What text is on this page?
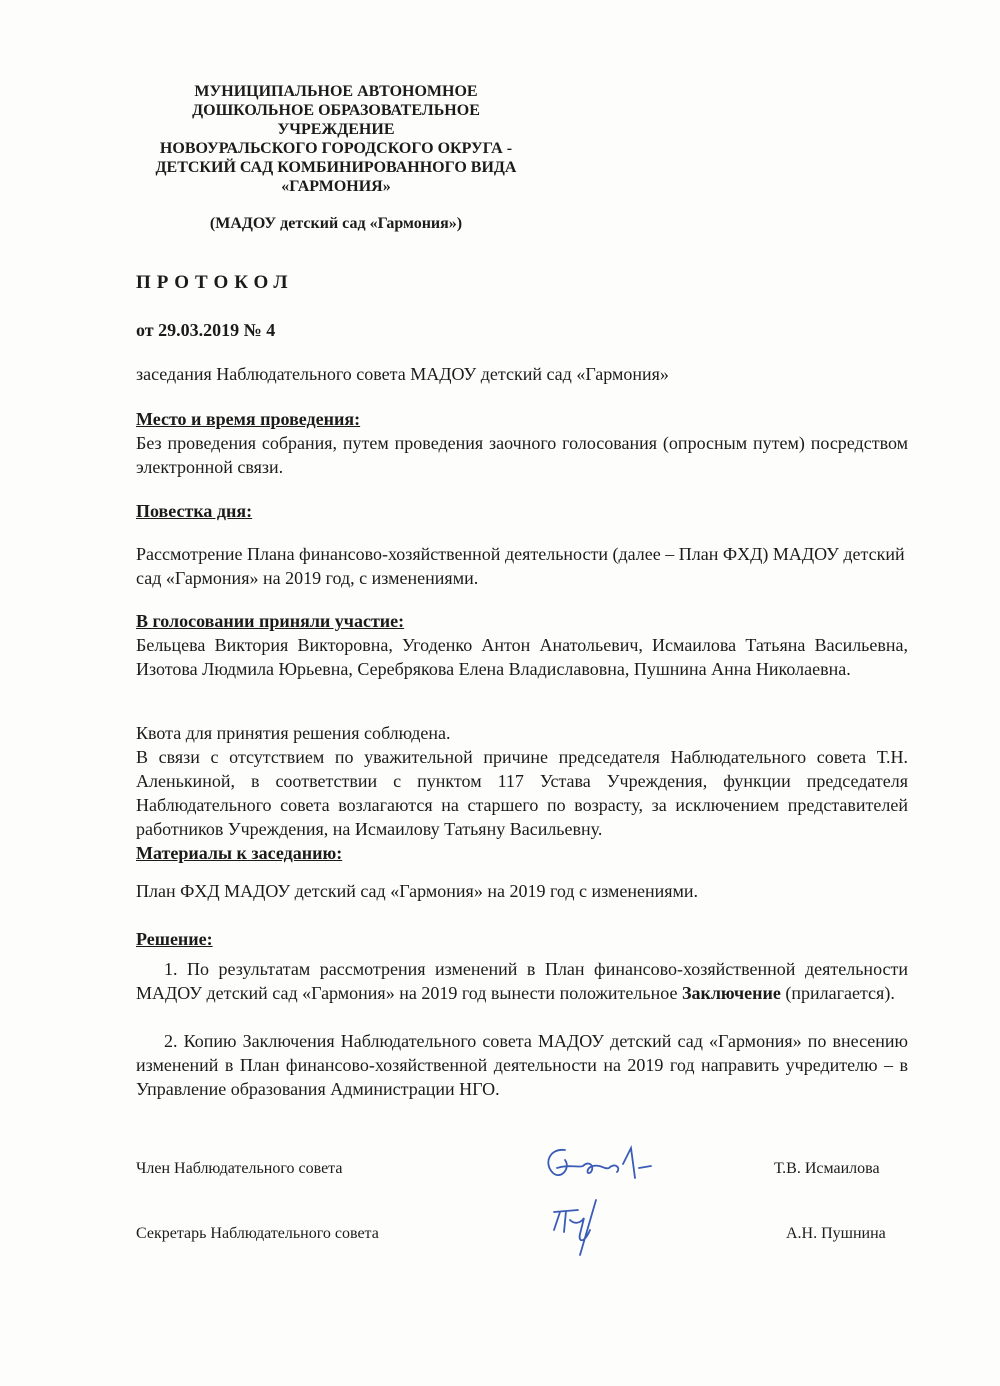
МУНИЦИПАЛЬНОЕ АВТОНОМНОЕ
ДОШКОЛЬНОЕ ОБРАЗОВАТЕЛЬНОЕ
УЧРЕЖДЕНИЕ
НОВОУРАЛЬСКОГО ГОРОДСКОГО ОКРУГА -
ДЕТСКИЙ САД КОМБИНИРОВАННОГО ВИДА
«ГАРМОНИЯ»
(МАДОУ детский сад «Гармония»)
ПРОТОКОЛ
от 29.03.2019 № 4
заседания Наблюдательного совета МАДОУ детский сад «Гармония»
Место и время проведения:
Без проведения собрания, путем проведения заочного голосования (опросным путем) посредством электронной связи.
Повестка дня:
Рассмотрение Плана финансово-хозяйственной деятельности (далее – План ФХД) МАДОУ детский сад «Гармония» на 2019 год, с изменениями.
В голосовании приняли участие:
Бельцева Виктория Викторовна, Угоденко Антон Анатольевич, Исмаилова Татьяна Васильевна, Изотова Людмила Юрьевна, Серебрякова Елена Владиславовна, Пушнина Анна Николаевна.
Квота для принятия решения соблюдена.
В связи с отсутствием по уважительной причине председателя Наблюдательного совета Т.Н. Аленькиной, в соответствии с пунктом 117 Устава Учреждения, функции председателя Наблюдательного совета возлагаются на старшего по возрасту, за исключением представителей работников Учреждения, на Исмаилову Татьяну Васильевну.
Материалы к заседанию:
План ФХД МАДОУ детский сад «Гармония» на 2019 год с изменениями.
Решение:
1. По результатам рассмотрения изменений в План финансово-хозяйственной деятельности МАДОУ детский сад «Гармония» на 2019 год вынести положительное Заключение (прилагается).
2. Копию Заключения Наблюдательного совета МАДОУ детский сад «Гармония» по внесению изменений в План финансово-хозяйственной деятельности на 2019 год направить учредителю – в Управление образования Администрации НГО.
Член Наблюдательного совета	Т.В. Исмаилова
Секретарь Наблюдательного совета	А.Н. Пушнина
